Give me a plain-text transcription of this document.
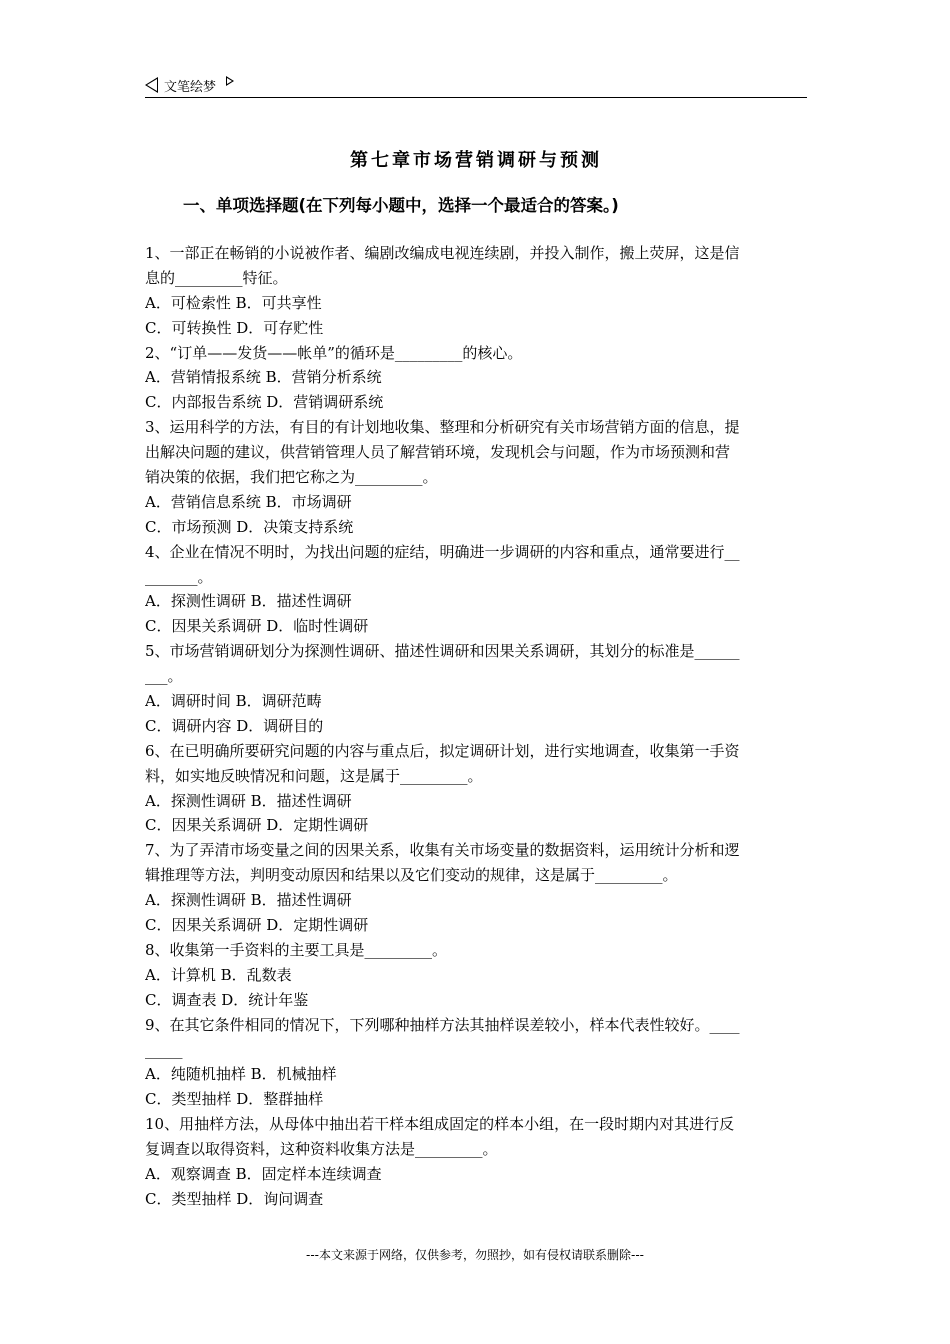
文笔绘梦
第七章市场营销调研与预测
一、单项选择题(在下列每小题中，选择一个最适合的答案。)
1、一部正在畅销的小说被作者、编剧改编成电视连续剧，并投入制作，搬上荧屏，这是信
息的_________特征。
A．可检索性 B．可共享性
C．可转换性 D．可存贮性
2、“订单——发货——帐单”的循环是_________的核心。
A．营销情报系统 B．营销分析系统
C．内部报告系统 D．营销调研系统
3、运用科学的方法，有目的有计划地收集、整理和分析研究有关市场营销方面的信息，提
出解决问题的建议，供营销管理人员了解营销环境，发现机会与问题，作为市场预测和营
销决策的依据，我们把它称之为_________。
A．营销信息系统 B．市场调研
C．市场预测 D．决策支持系统
4、企业在情况不明时，为找出问题的症结，明确进一步调研的内容和重点，通常要进行__
_______。
A．探测性调研 B．描述性调研
C．因果关系调研 D．临时性调研
5、市场营销调研划分为探测性调研、描述性调研和因果关系调研，其划分的标准是______
___。
A．调研时间 B．调研范畴
C．调研内容 D．调研目的
6、在已明确所要研究问题的内容与重点后，拟定调研计划，进行实地调查，收集第一手资
料，如实地反映情况和问题，这是属于_________。
A．探测性调研 B．描述性调研
C．因果关系调研 D．定期性调研
7、为了弄清市场变量之间的因果关系，收集有关市场变量的数据资料，运用统计分析和逻
辑推理等方法，判明变动原因和结果以及它们变动的规律，这是属于_________。
A．探测性调研 B．描述性调研
C．因果关系调研 D．定期性调研
8、收集第一手资料的主要工具是_________。
A．计算机 B．乱数表
C．调查表 D．统计年鉴
9、在其它条件相同的情况下，下列哪种抽样方法其抽样误差较小，样本代表性较好。____
_____
A．纯随机抽样 B．机械抽样
C．类型抽样 D．整群抽样
10、用抽样方法，从母体中抽出若干样本组成固定的样本小组，在一段时期内对其进行反
复调查以取得资料，这种资料收集方法是_________。
A．观察调查 B．固定样本连续调查
C．类型抽样 D．询问调查
---本文来源于网络，仅供参考，勿照抄，如有侵权请联系删除---
